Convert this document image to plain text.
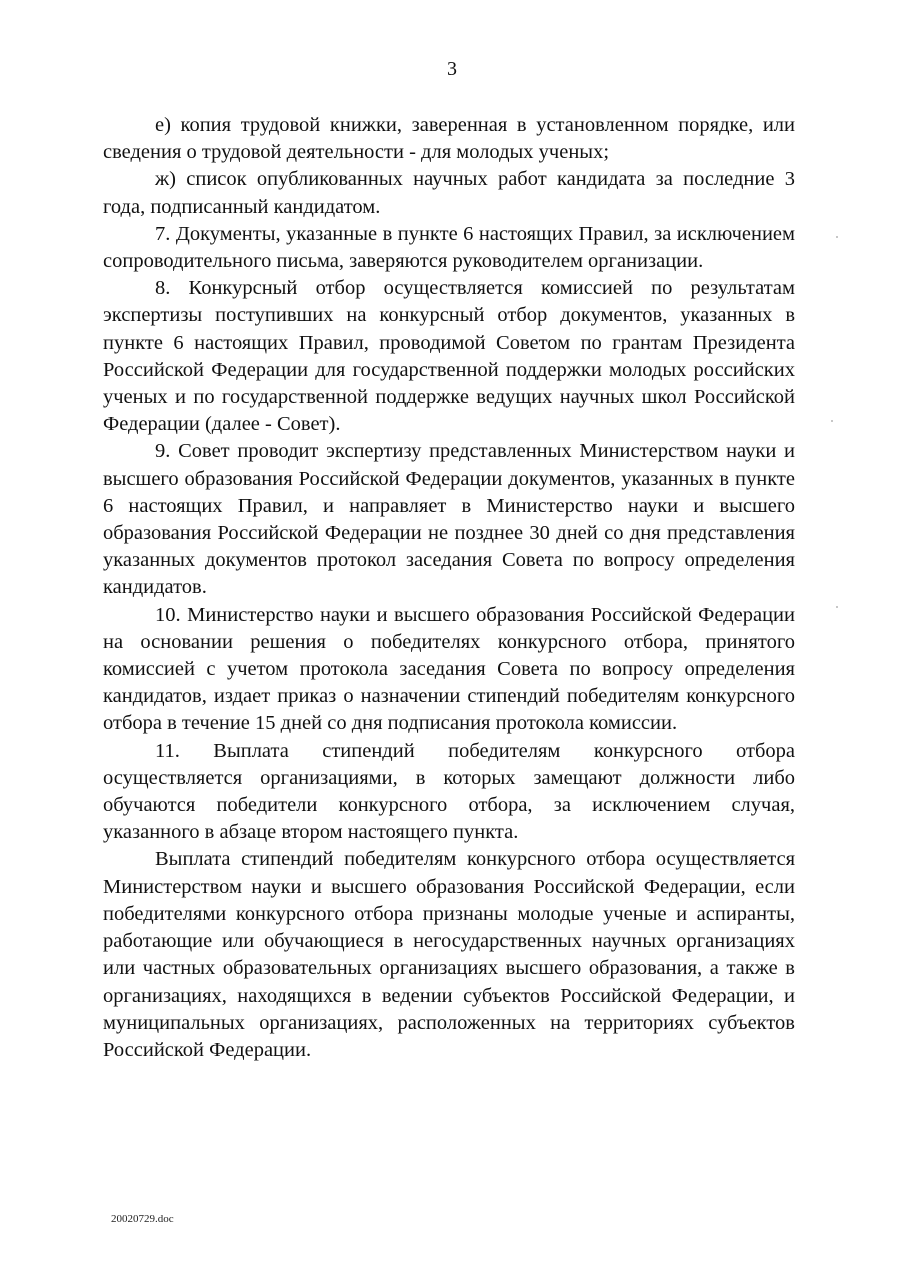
3

е) копия трудовой книжки, заверенная в установленном порядке, или сведения о трудовой деятельности - для молодых ученых;

ж) список опубликованных научных работ кандидата за последние 3 года, подписанный кандидатом.

7. Документы, указанные в пункте 6 настоящих Правил, за исключением сопроводительного письма, заверяются руководителем организации.

8. Конкурсный отбор осуществляется комиссией по результатам экспертизы поступивших на конкурсный отбор документов, указанных в пункте 6 настоящих Правил, проводимой Советом по грантам Президента Российской Федерации для государственной поддержки молодых российских ученых и по государственной поддержке ведущих научных школ Российской Федерации (далее - Совет).

9. Совет проводит экспертизу представленных Министерством науки и высшего образования Российской Федерации документов, указанных в пункте 6 настоящих Правил, и направляет в Министерство науки и высшего образования Российской Федерации не позднее 30 дней со дня представления указанных документов протокол заседания Совета по вопросу определения кандидатов.

10. Министерство науки и высшего образования Российской Федерации на основании решения о победителях конкурсного отбора, принятого комиссией с учетом протокола заседания Совета по вопросу определения кандидатов, издает приказ о назначении стипендий победителям конкурсного отбора в течение 15 дней со дня подписания протокола комиссии.

11. Выплата стипендий победителям конкурсного отбора осуществляется организациями, в которых замещают должности либо обучаются победители конкурсного отбора, за исключением случая, указанного в абзаце втором настоящего пункта.

Выплата стипендий победителям конкурсного отбора осуществляется Министерством науки и высшего образования Российской Федерации, если победителями конкурсного отбора признаны молодые ученые и аспиранты, работающие или обучающиеся в негосударственных научных организациях или частных образовательных организациях высшего образования, а также в организациях, находящихся в ведении субъектов Российской Федерации, и муниципальных организациях, расположенных на территориях субъектов Российской Федерации.

20020729.doc
